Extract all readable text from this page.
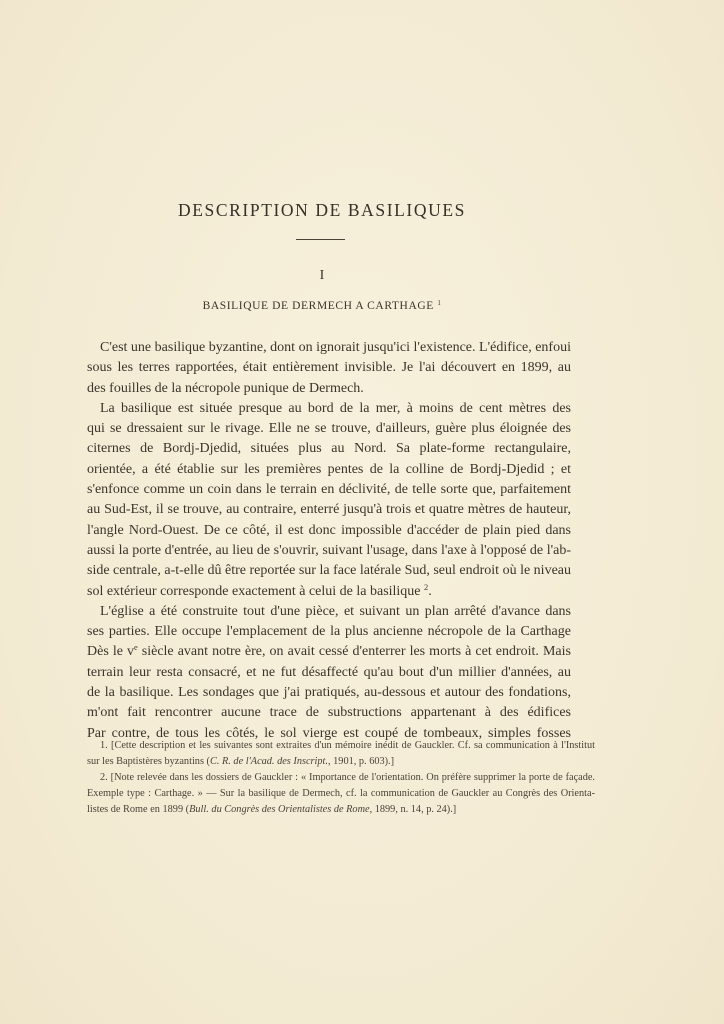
DESCRIPTION DE BASILIQUES
I
BASILIQUE DE DERMECH A CARTHAGE $^1$
C'est une basilique byzantine, dont on ignorait jusqu'ici l'existence. L'édifice, enfoui
sous les terres rapportées, était entièrement invisible. Je l'ai découvert en 1899, au
des fouilles de la nécropole punique de Dermech.
La basilique est située presque au bord de la mer, à moins de cent mètres des
qui se dressaient sur le rivage. Elle ne se trouve, d'ailleurs, guère plus éloignée des
citernes de Bordj-Djedid, situées plus au Nord. Sa plate-forme rectangulaire,
orientée, a été établie sur les premières pentes de la colline de Bordj-Djedid ; et
s'enfonce comme un coin dans le terrain en déclivité, de telle sorte que, parfaitement
au Sud-Est, il se trouve, au contraire, enterré jusqu'à trois et quatre mètres de hauteur,
l'angle Nord-Ouest. De ce côté, il est donc impossible d'accéder de plain pied dans
aussi la porte d'entrée, au lieu de s'ouvrir, suivant l'usage, dans l'axe à l'opposé de l'ab-
side centrale, a-t-elle dû être reportée sur la face latérale Sud, seul endroit où le niveau
sol extérieur corresponde exactement à celui de la basilique $^2$.
L'église a été construite tout d'une pièce, et suivant un plan arrêté d'avance dans
ses parties. Elle occupe l'emplacement de la plus ancienne nécropole de la Carthage
Dès le $v^e$ siècle avant notre ère, on avait cessé d'enterrer les morts à cet endroit. Mais
terrain leur resta consacré, et ne fut désaffecté qu'au bout d'un millier d'années, au
de la basilique. Les sondages que j'ai pratiqués, au-dessous et autour des fondations,
m'ont fait rencontrer aucune trace de substructions appartenant à des édifices
Par contre, de tous les côtés, le sol vierge est coupé de tombeaux, simples fosses
1. [Cette description et les suivantes sont extraites d'un mémoire inédit de Gauckler. Cf. sa communication à l'Institut
sur les Baptistères byzantins (C. R. de l'Acad. des Inscript., 1901, p. 603).]
2. [Note relevée dans les dossiers de Gauckler : « Importance de l'orientation. On préfère supprimer la porte de façade.
Exemple type : Carthage. » — Sur la basilique de Dermech, cf. la communication de Gauckler au Congrès des Orienta-
listes de Rome en 1899 (Bull. du Congrès des Orientalistes de Rome, 1899, n. 14, p. 24).]
